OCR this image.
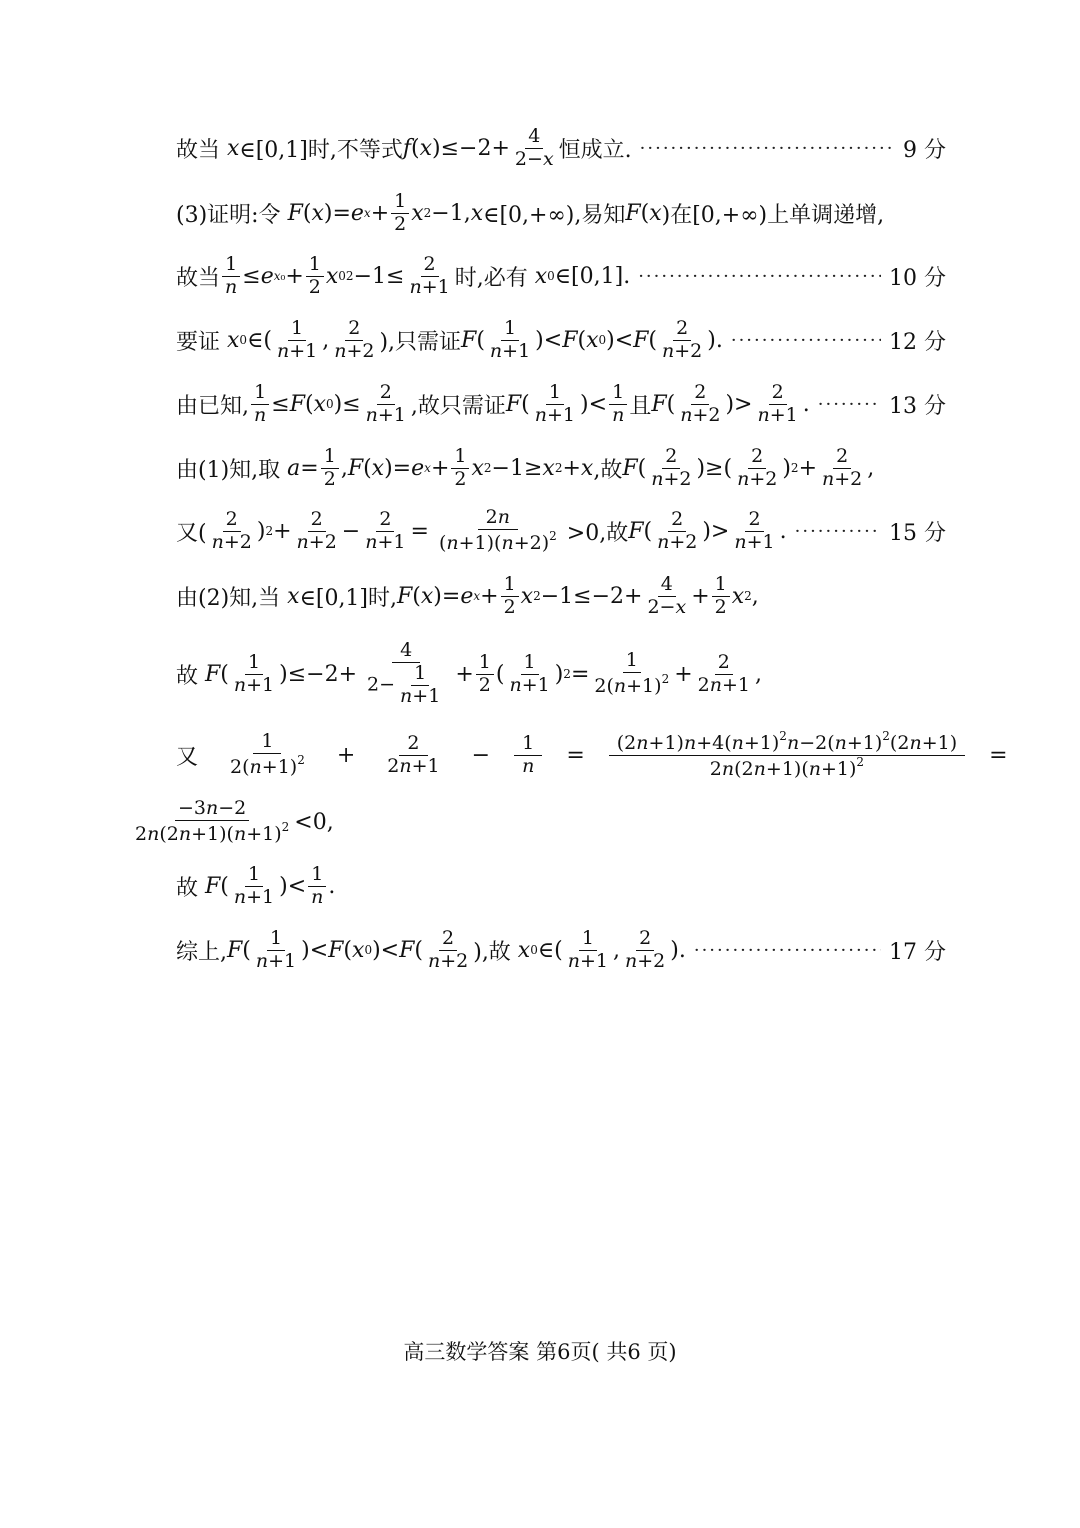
故当 x ∈[0,1]时,不等式 f ( x )$\le-2+ \frac{4}{2-x}$ 恒成立. ·····	9 分
(3)证明:令 F ( x )= e $x + \frac{1}{2}$ x 2 −1, x ∈[0,+∞),易知 F ( x )在[0,+∞)上单调递增,
故当 $\frac{1}{n} \le e$ $x_0 + \frac{1}{2}$ x 0 $2 -1\le \frac{2}{n+1}$ 时,必有 x 0 ∈[0,1]. ·····	10 分
要证 x 0 ∈( $\frac{1}{n+1}$ , $\frac{2}{n+2}$ ),只需证 F ( $\frac{1}{n+1}$ )< F ( x 0 )< F ( $\frac{2}{n+2}$ ). ·····	12 分
由已知, $\frac{1}{n} \le F$ ( x 0 )≤ $\frac{2}{n+1}$ ,故只需证 F ( $\frac{1}{n+1}$ )< $\frac{1}{n}$ 且 F ( $\frac{2}{n+2}$ )> $\frac{2}{n+1}$ . ·····	13 分
由(1)知,取 $a = \frac{1}{2}$ , F ( x )= e $x + \frac{1}{2}$ x 2 −1≥ x 2 + x ,故 F ( $\frac{2}{n+2}$ )≥( $\frac{2}{n+2}$ ) $2 + \frac{2}{n+2}$ ,
又( $\frac{2}{n+2}$ ) $2 + \frac{2}{n+2} - \frac{2}{n+1} = \frac{2n}{(n+1)(n+2)^2} >0$,故 F ( $\frac{2}{n+2}$ )> $\frac{2}{n+1}$ . ·····	15 分
由(2)知,当 x ∈[0,1]时, F ( x )= e $x + \frac{1}{2}$ x $2 -1\le-2+ \frac{4}{2-x} + \frac{1}{2}$ x 2 ,
故 F ( $\frac{1}{n+1} )\le-2+ \frac{4}{2- \frac{1}{n+1}} + \frac{1}{2}$ ( $\frac{1}{n+1}$ ) $2 = \frac{1}{2(n+1)^2} + \frac{2}{2n+1}$ ,
又 $\frac{1}{2(n+1)^2} + \frac{2}{2n+1} - \frac{1}{n} = \frac{(2n+1)n+4(n+1)^2n-2(n+1)^2(2n+1)}{2n(2n+1)(n+1)^2}$ =
$\frac{-3n-2}{2n(2n+1)(n+1)^2} <0$,
故 F ( $\frac{1}{n+1}$ )< $\frac{1}{n}$ .
综上, F ( $\frac{1}{n+1}$ )< F ( x 0 )< F ( $\frac{2}{n+2}$ ),故 x 0 ∈( $\frac{1}{n+1}$ , $\frac{2}{n+2}$ ). ·····	17 分
高三数学答案 第6页( 共6 页)
